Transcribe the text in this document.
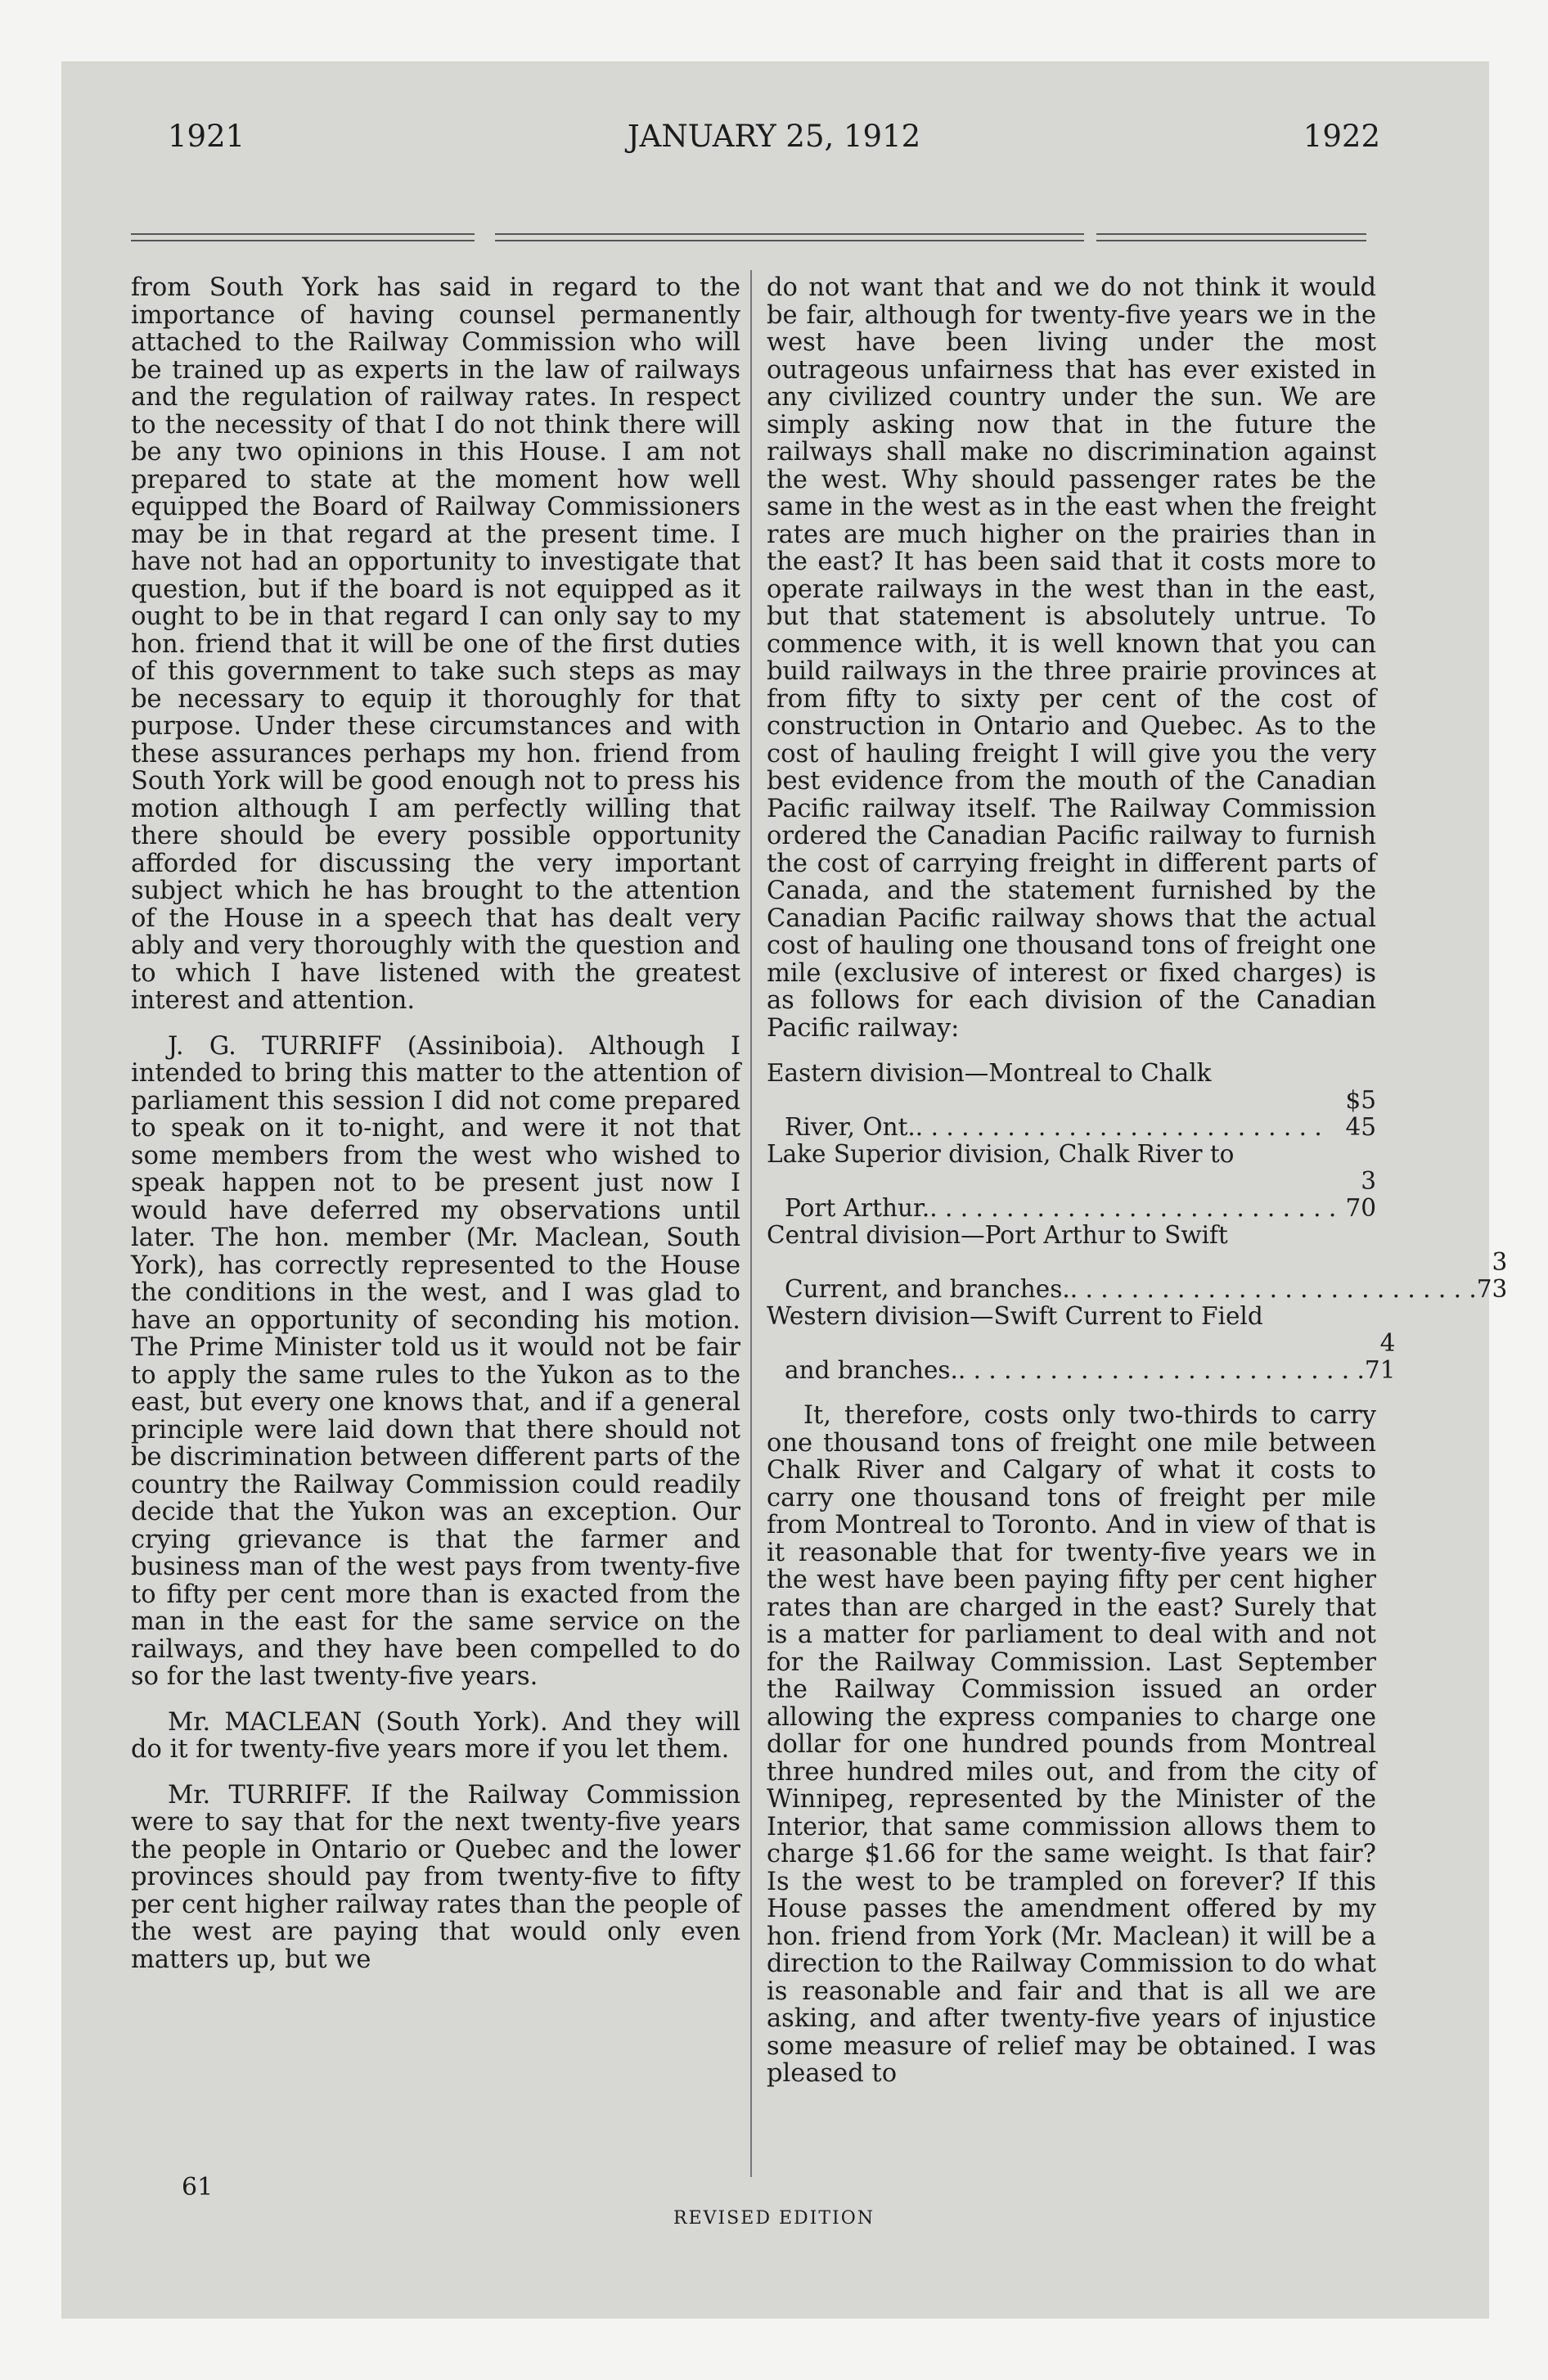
1921	JANUARY 25, 1912	1922

from South York has said in regard to the importance of having counsel permanently attached to the Railway Commission who will be trained up as experts in the law of railways and the regulation of railway rates. In respect to the necessity of that I do not think there will be any two opinions in this House. I am not prepared to state at the moment how well equipped the Board of Railway Commissioners may be in that regard at the present time. I have not had an opportunity to investigate that question, but if the board is not equipped as it ought to be in that regard I can only say to my hon. friend that it will be one of the first duties of this government to take such steps as may be necessary to equip it thoroughly for that purpose. Under these circumstances and with these assurances perhaps my hon. friend from South York will be good enough not to press his motion although I am perfectly willing that there should be every possible opportunity afforded for discussing the very important subject which he has brought to the attention of the House in a speech that has dealt very ably and very thoroughly with the question and to which I have listened with the greatest interest and attention.

J. G. TURRIFF (Assiniboia). Although I intended to bring this matter to the attention of parliament this session I did not come prepared to speak on it to-night, and were it not that some members from the west who wished to speak happen not to be present just now I would have deferred my observations until later. The hon. member (Mr. Maclean, South York), has correctly represented to the House the conditions in the west, and I was glad to have an opportunity of seconding his motion. The Prime Minister told us it would not be fair to apply the same rules to the Yukon as to the east, but every one knows that, and if a general principle were laid down that there should not be discrimination between different parts of the country the Railway Commission could readily decide that the Yukon was an exception. Our crying grievance is that the farmer and business man of the west pays from twenty-five to fifty per cent more than is exacted from the man in the east for the same service on the railways, and they have been compelled to do so for the last twenty-five years.

Mr. MACLEAN (South York). And they will do it for twenty-five years more if you let them.

Mr. TURRIFF. If the Railway Commission were to say that for the next twenty-five years the people in Ontario or Quebec and the lower provinces should pay from twenty-five to fifty per cent higher railway rates than the people of the west are paying that would only even matters up, but we

do not want that and we do not think it would be fair, although for twenty-five years we in the west have been living under the most outrageous unfairness that has ever existed in any civilized country under the sun. We are simply asking now that in the future the railways shall make no discrimination against the west. Why should passenger rates be the same in the west as in the east when the freight rates are much higher on the prairies than in the east? It has been said that it costs more to operate railways in the west than in the east, but that statement is absolutely untrue. To commence with, it is well known that you can build railways in the three prairie provinces at from fifty to sixty per cent of the cost of construction in Ontario and Quebec. As to the cost of hauling freight I will give you the very best evidence from the mouth of the Canadian Pacific railway itself. The Railway Commission ordered the Canadian Pacific railway to furnish the cost of carrying freight in different parts of Canada, and the statement furnished by the Canadian Pacific railway shows that the actual cost of hauling one thousand tons of freight one mile (exclusive of interest or fixed charges) is as follows for each division of the Canadian Pacific railway:

Eastern division—Montreal to Chalk
River, Ont.. . . . . . . . . . . . . . . . . . . . . . . . . . .
$5 45
Lake Superior division, Chalk River to
Port Arthur.. . . . . . . . . . . . . . . . . . . . . . . . . . .
3 70
Central division—Port Arthur to Swift
Current, and branches.. . . . . . . . . . . . . . . . . . . . . . . . . . .
3 73
Western division—Swift Current to Field
and branches.. . . . . . . . . . . . . . . . . . . . . . . . . . .
4 71

It, therefore, costs only two-thirds to carry one thousand tons of freight one mile between Chalk River and Calgary of what it costs to carry one thousand tons of freight per mile from Montreal to Toronto. And in view of that is it reasonable that for twenty-five years we in the west have been paying fifty per cent higher rates than are charged in the east? Surely that is a matter for parliament to deal with and not for the Railway Commission. Last September the Railway Commission issued an order allowing the express companies to charge one dollar for one hundred pounds from Montreal three hundred miles out, and from the city of Winnipeg, represented by the Minister of the Interior, that same commission allows them to charge $1.66 for the same weight. Is that fair? Is the west to be trampled on forever? If this House passes the amendment offered by my hon. friend from York (Mr. Maclean) it will be a direction to the Railway Commission to do what is reasonable and fair and that is all we are asking, and after twenty-five years of injustice some measure of relief may be obtained. I was pleased to

61
REVISED EDITION
